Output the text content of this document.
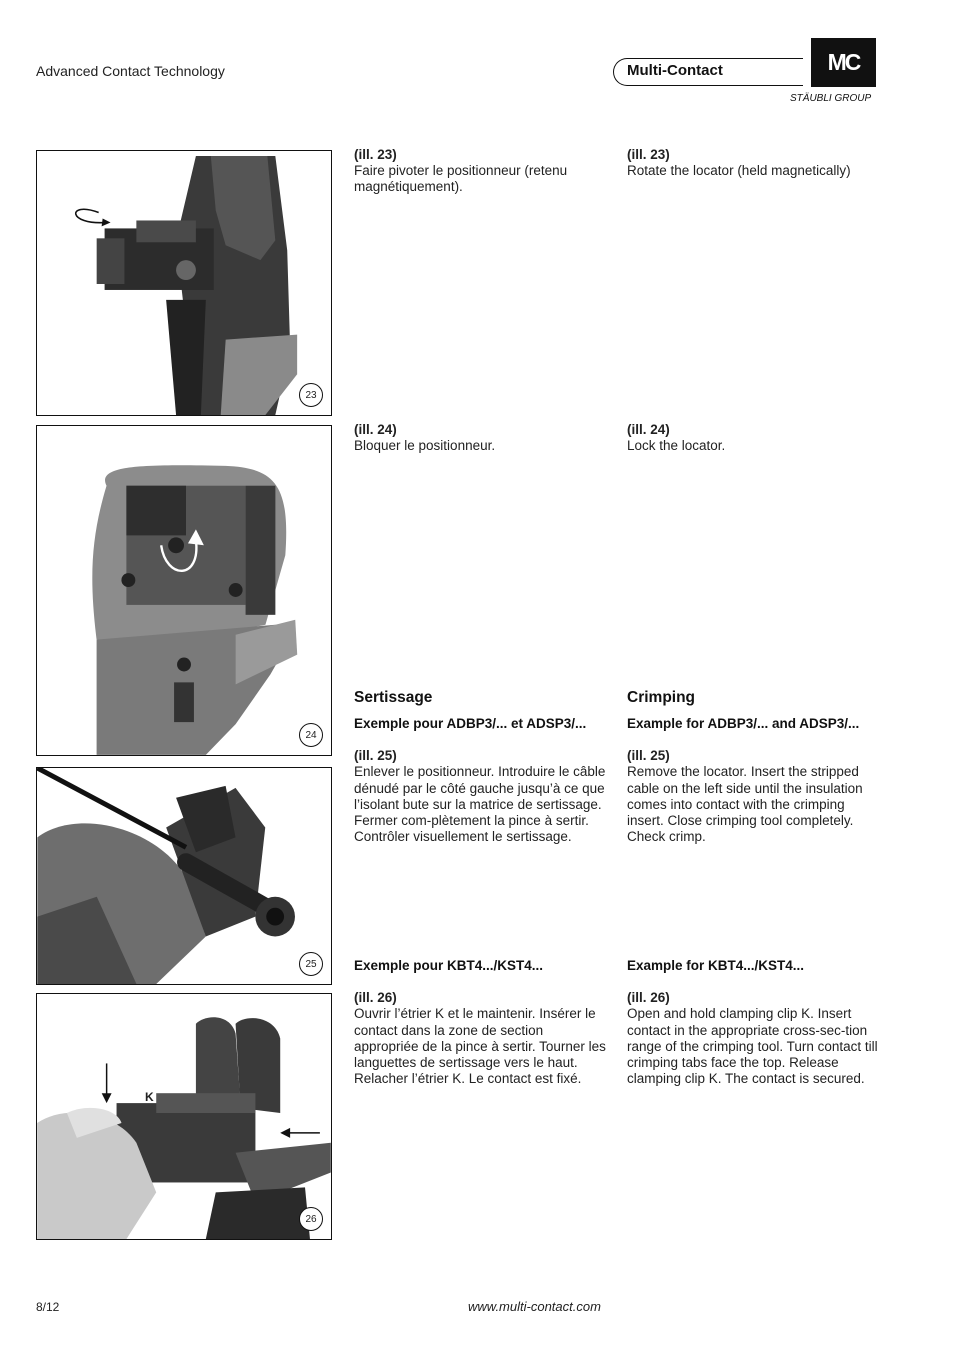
Advanced Contact Technology	Multi-Contact	MC
STÄUBLI GROUP
23
24
25
K
26
(ill. 23)
Faire pivoter le positionneur (retenu magnétiquement).
(ill. 23)
Rotate the locator (held magnetically)
(ill. 24)
Bloquer le positionneur.
(ill. 24)
Lock the locator.
Sertissage
Exemple pour ADBP3/... et ADSP3/...
(ill. 25)
Enlever le positionneur. Introduire le câble dénudé par le côté gauche jusqu’à ce que l’isolant bute sur la matrice de sertissage. Fermer com-plètement la pince à sertir. Contrôler visuellement le sertissage.
Crimping
Example for ADBP3/... and ADSP3/...
(ill. 25)
Remove the locator. Insert the stripped cable on the left side until the insulation comes into contact with the crimping insert. Close crimping tool completely.
Check crimp.
Exemple pour KBT4.../KST4...
(ill. 26)
Ouvrir l’étrier K et le maintenir. Insérer le contact dans la zone de section appropriée de la pince à sertir. Tourner les languettes de sertissage vers le haut. Relacher l’étrier K. Le contact est fixé.
Example for KBT4.../KST4...
(ill. 26)
Open and hold clamping clip K. Insert contact in the appropriate cross-sec-tion range of the crimping tool. Turn contact till crimping tabs face the top. Release clamping clip K. The contact is secured.
8/12	www.multi-contact.com
